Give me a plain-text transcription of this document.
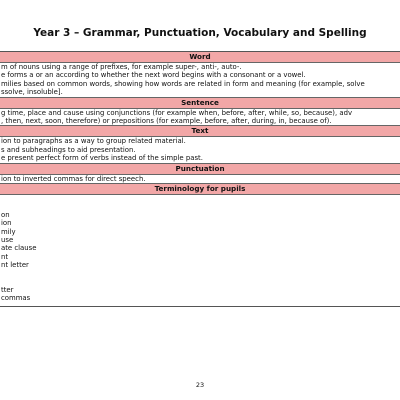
Year 3 – Grammar, Punctuation, Vocabulary and Spelling
Word
m of nouns using a range of prefixes, for example super-, anti-, auto-.
e forms a or an according to whether the next word begins with a consonant or a vowel.
milies based on common words, showing how words are related in form and meaning (for example, solve
ssolve, insoluble].
Sentence
g time, place and cause using conjunctions (for example when, before, after, while, so, because), adv
, then, next, soon, therefore) or prepositions (for example, before, after, during, in, because of).
Text
ion to paragraphs as a way to group related material.
s and subheadings to aid presentation.
e present perfect form of verbs instead of the simple past.
Punctuation
ion to inverted commas for direct speech.
Terminology for pupils
on
ion
mily
use
ate clause
nt
nt letter
tter
commas
23
